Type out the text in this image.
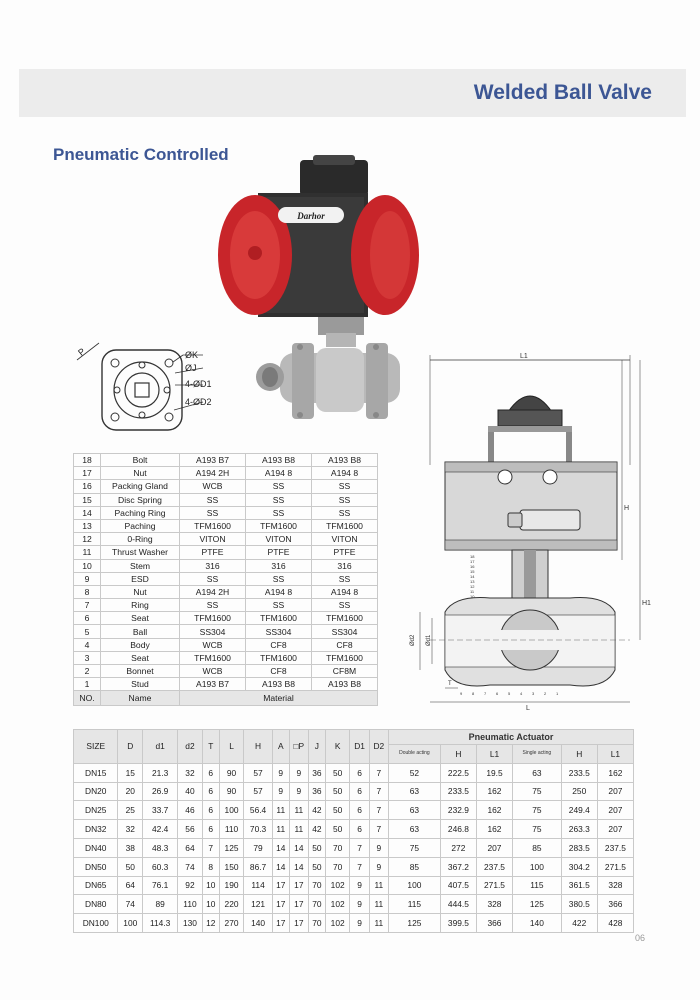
Welded Ball Valve
Pneumatic Controlled
Darhor
P	ØK
ØJ
4-ØD1
4-ØD2
L1
H
H1
Ød2 Ød1
L
T
18
17
16
15
14
13
12
11
10
9 8 7 6 5 4 3 2 1
18	Bolt	A193 B7	A193 B8	A193 B8
17	Nut	A194 2H	A194 8	A194 8
16	Packing Gland	WCB	SS	SS
15	Disc Spring	SS	SS	SS
14	Paching Ring	SS	SS	SS
13	Paching	TFM1600	TFM1600	TFM1600
12	0-Ring	VITON	VITON	VITON
11	Thrust Washer	PTFE	PTFE	PTFE
10	Stem	316	316	316
9	ESD	SS	SS	SS
8	Nut	A194 2H	A194 8	A194 8
7	Ring	SS	SS	SS
6	Seat	TFM1600	TFM1600	TFM1600
5	Ball	SS304	SS304	SS304
4	Body	WCB	CF8	CF8
3	Seat	TFM1600	TFM1600	TFM1600
2	Bonnet	WCB	CF8	CF8M
1	Stud	A193 B7	A193 B8	A193 B8
NO.	Name	Material		
SIZE	D	d1	d2	T	L	H	A	□P	J	K	D1	D2	Pneumatic Actuator					
													Double acting	H	L1	Single acting	H	L1
DN15	15	21.3	32	6	90	57	9	9	36	50	6	7	52	222.5	19.5	63	233.5	162
DN20	20	26.9	40	6	90	57	9	9	36	50	6	7	63	233.5	162	75	250	207
DN25	25	33.7	46	6	100	56.4	11	11	42	50	6	7	63	232.9	162	75	249.4	207
DN32	32	42.4	56	6	110	70.3	11	11	42	50	6	7	63	246.8	162	75	263.3	207
DN40	38	48.3	64	7	125	79	14	14	50	70	7	9	75	272	207	85	283.5	237.5
DN50	50	60.3	74	8	150	86.7	14	14	50	70	7	9	85	367.2	237.5	100	304.2	271.5
DN65	64	76.1	92	10	190	114	17	17	70	102	9	11	100	407.5	271.5	115	361.5	328
DN80	74	89	110	10	220	121	17	17	70	102	9	11	115	444.5	328	125	380.5	366
DN100	100	114.3	130	12	270	140	17	17	70	102	9	11	125	399.5	366	140	422	428
06
